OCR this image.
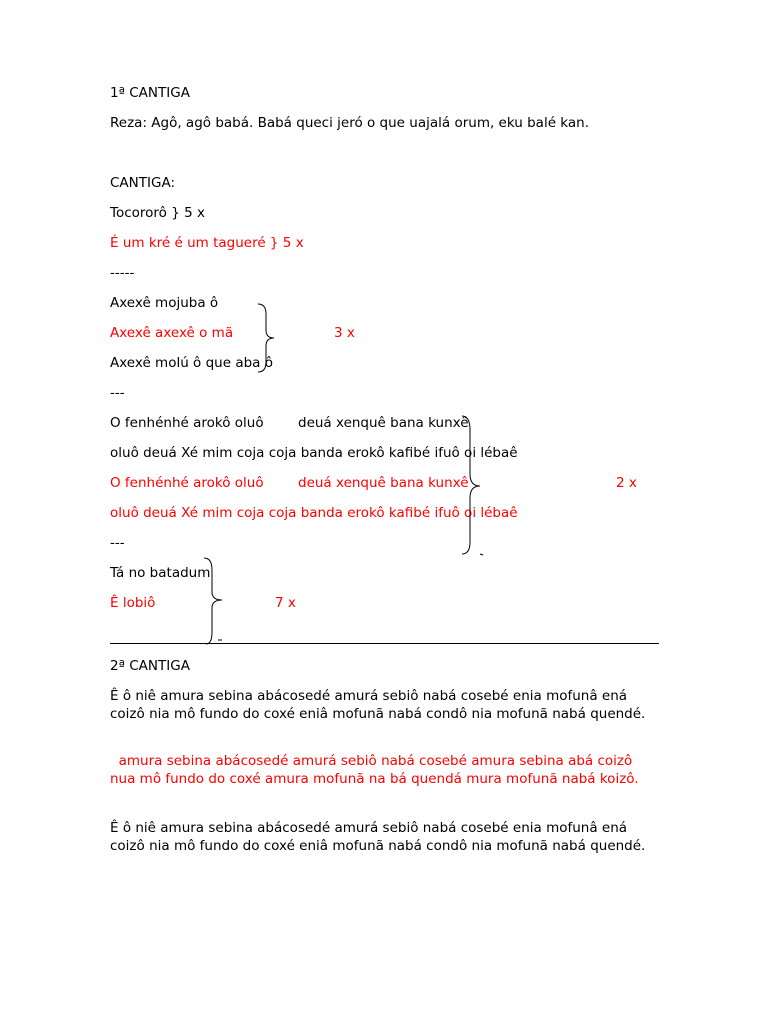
1ª CANTIGA
Reza: Agô, agô babá. Babá queci jeró o que uajalá orum, eku balé kan.
CANTIGA:
Tocororô } 5 x
É um kré é um tagueré } 5 x
-----
Axexê mojuba ô
Axexê axexê o mã	3 x
Axexê molú ô que aba ô
---
O fenhénhé arokô oluô	deuá xenquê bana kunxê
oluô deuá Xé mim coja coja banda erokô kafibé ifuô oi lébaê
O fenhénhé arokô oluô	deuá xenquê bana kunxê	2 x
oluô deuá Xé mim coja coja banda erokô kafibé ifuô oi lébaê
---
Tá no batadum
Ê lobiô	7 x
2ª CANTIGA
Ê ô niê amura sebina abácosedé amurá sebiô nabá cosebé enia mofunâ ená coizô nia mô fundo do coxé eniâ mofunã nabá condô nia mofunã nabá quendé.
amura sebina abácosedé amurá sebiô nabá cosebé amura sebina abá coizô nua mô fundo do coxé amura mofunã na bá quendá mura mofunã nabá koizô.
Ê ô niê amura sebina abácosedé amurá sebiô nabá cosebé enia mofunâ ená coizô nia mô fundo do coxé eniâ mofunã nabá condô nia mofunã nabá quendé.
